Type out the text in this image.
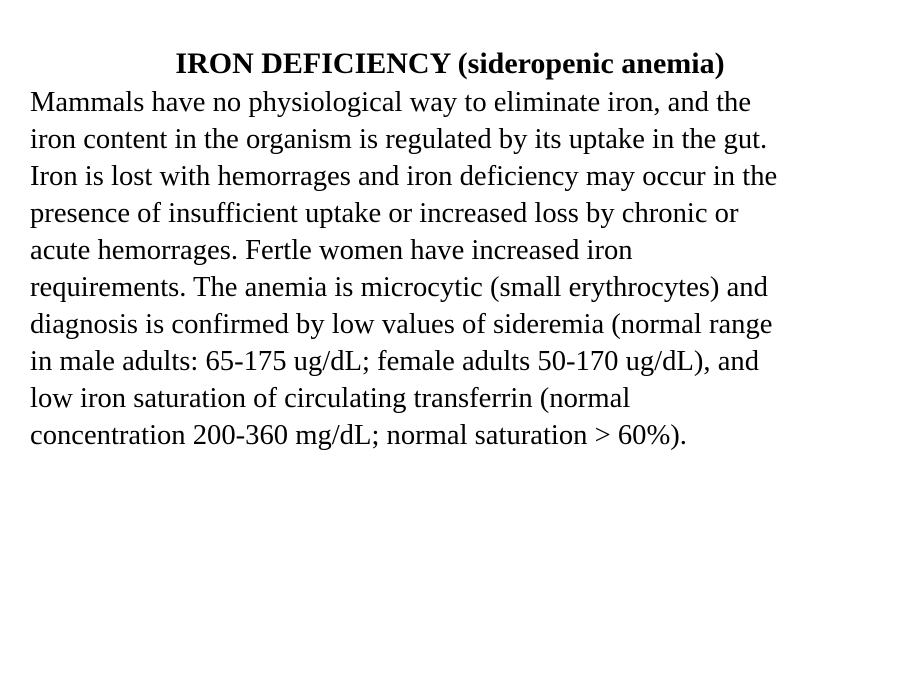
IRON DEFICIENCY (sideropenic anemia)

Mammals have no physiological way to eliminate iron, and the
iron content in the organism is regulated by its uptake in the gut.
Iron is lost with hemorrages and iron deficiency may occur in the
presence of insufficient uptake or increased loss by chronic or
acute hemorrages. Fertle women have increased iron
requirements. The anemia is microcytic (small erythrocytes) and
diagnosis is confirmed by low values of sideremia (normal range
in male adults: 65-175 ug/dL; female adults 50-170 ug/dL), and
low iron saturation of circulating transferrin (normal
concentration 200-360 mg/dL; normal saturation > 60%).
